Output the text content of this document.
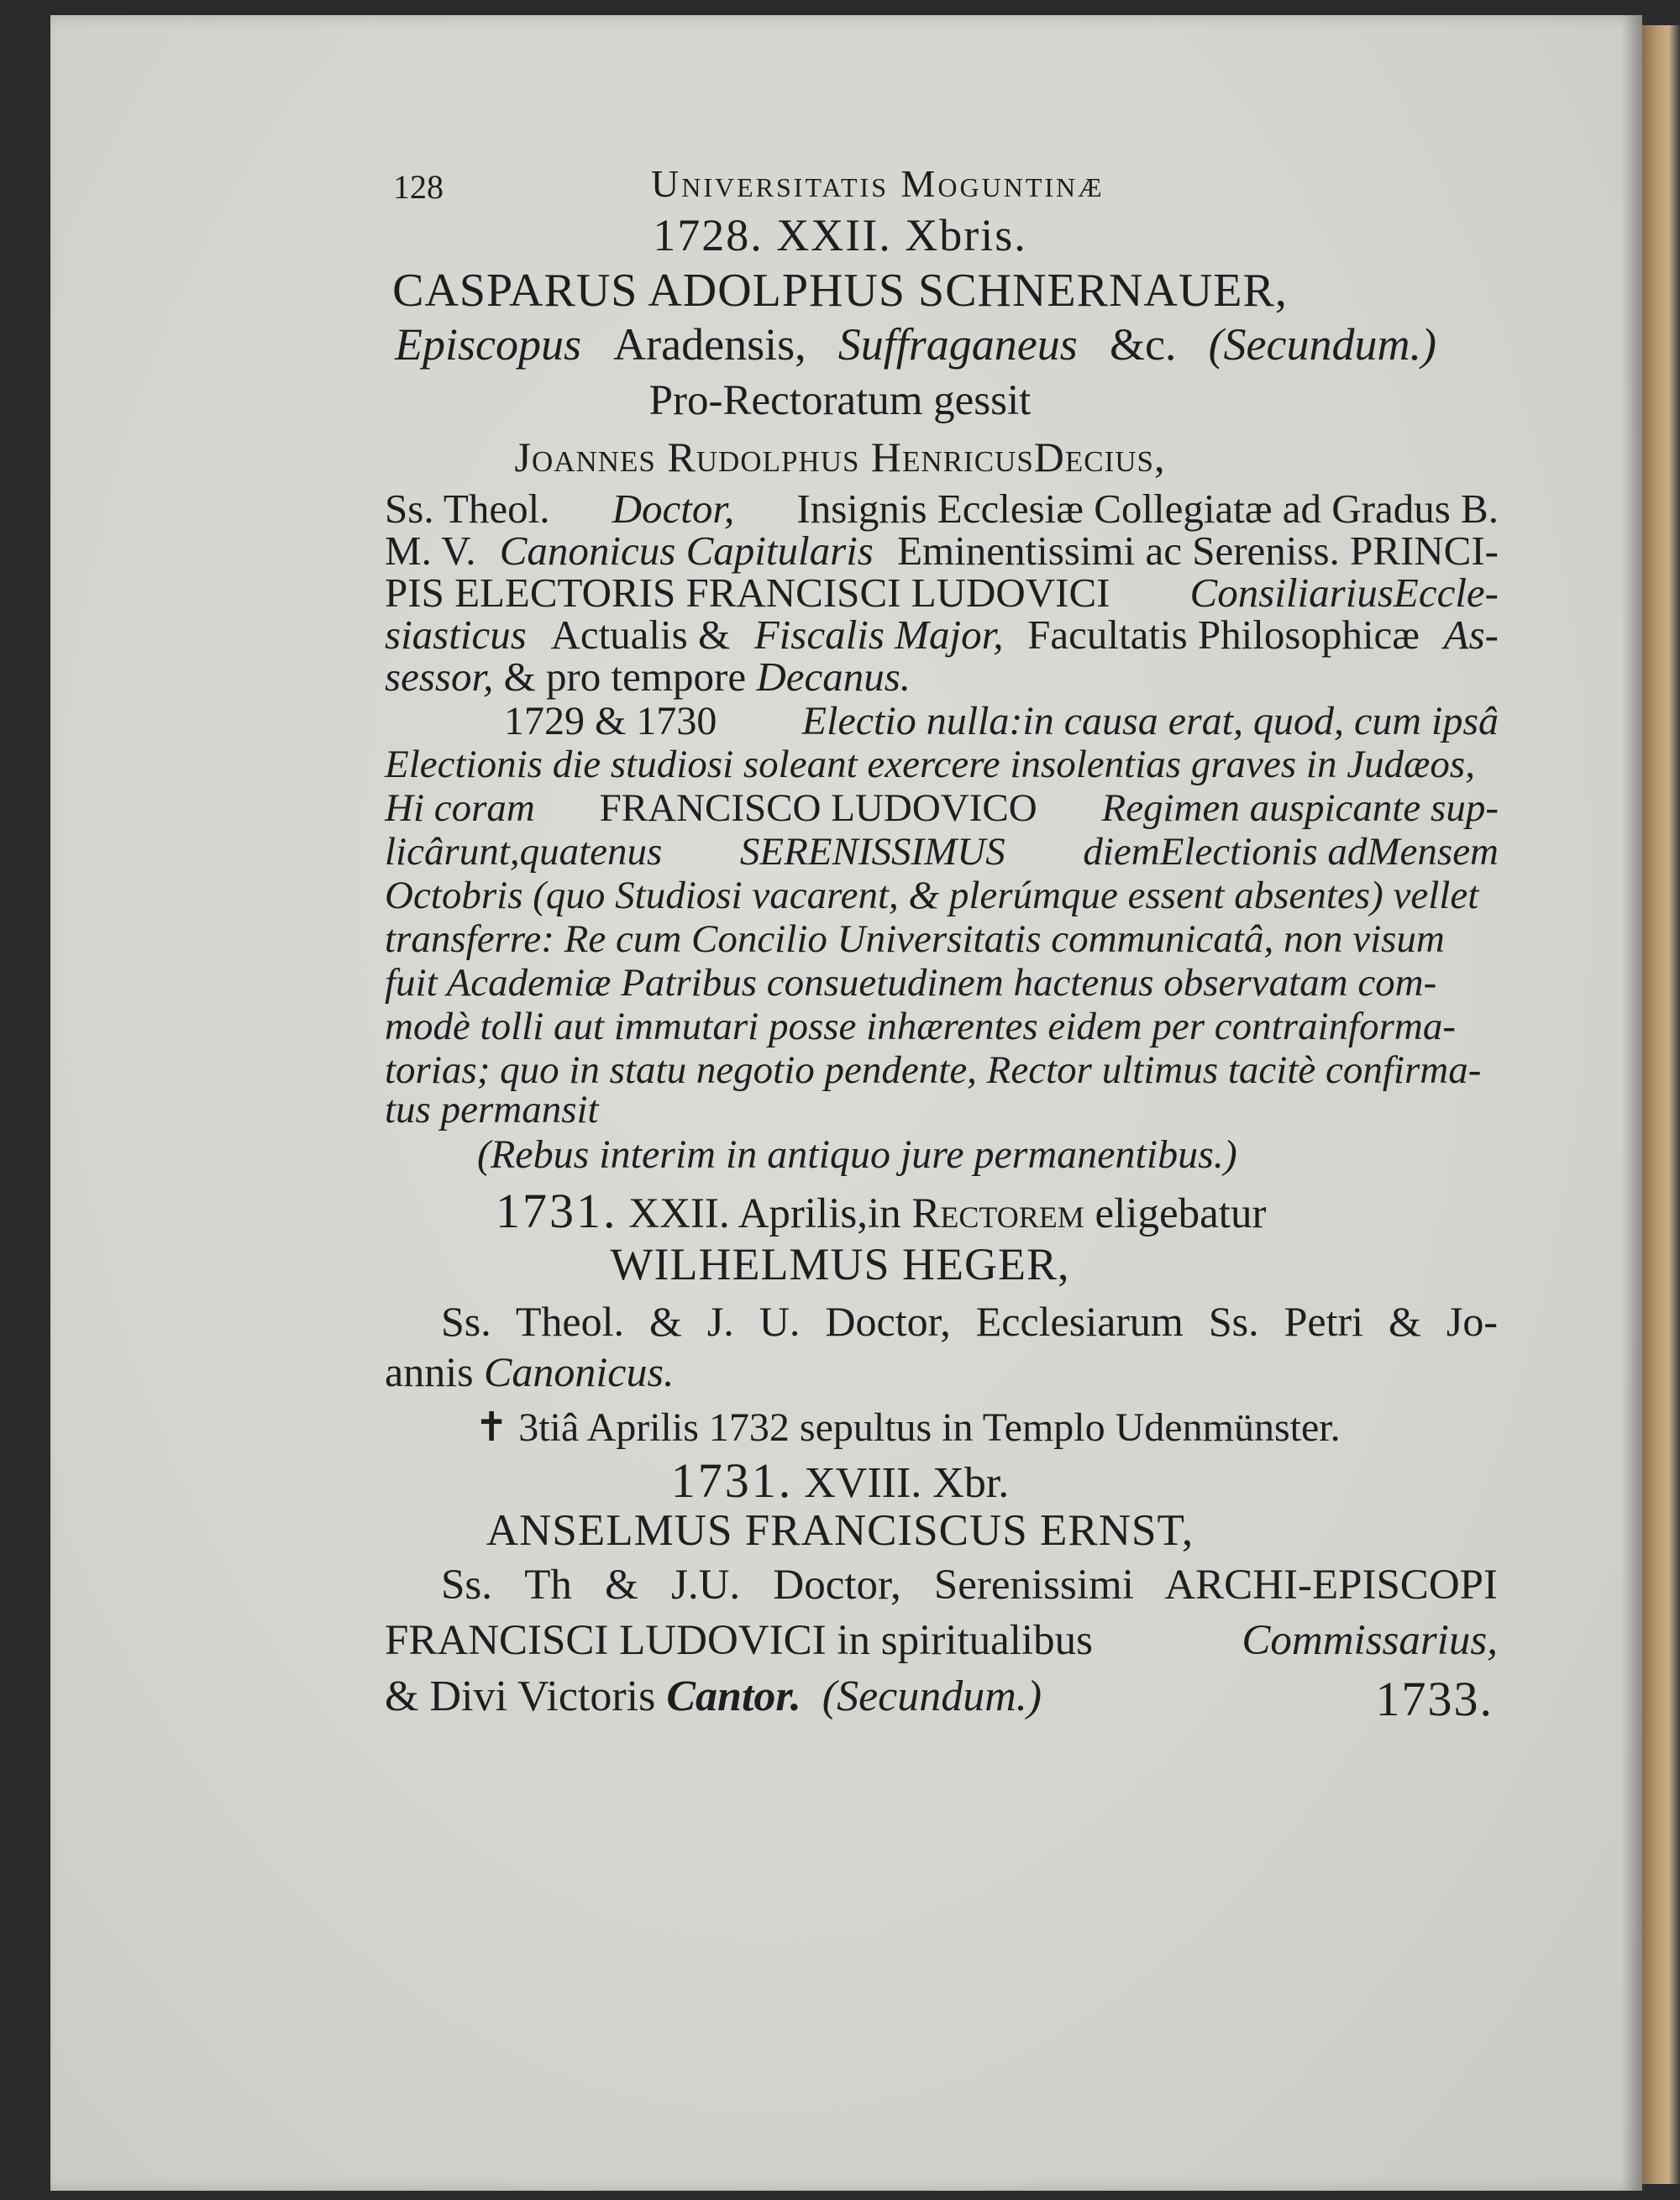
128	Universitatis Moguntinæ
1728. XXII. Xbris.
CASPARUS ADOLPHUS SCHNERNAUER,
Episcopus Aradensis, Suffraganeus &c. (Secundum.)
Pro-Rectoratum gessit
Joannes Rudolphus HenricusDecius,
Ss. Theol. Doctor, Insignis Ecclesiæ Collegiatæ ad Gradus B.
M. V. Canonicus Capitularis Eminentissimi ac Sereniss. PRINCI-
PIS ELECTORIS FRANCISCI LUDOVICI ConsiliariusEccle-
siasticus Actualis & Fiscalis Major, Facultatis Philosophicæ As-
sessor, & pro tempore Decanus.
1729 & 1730 Electio nulla:in causa erat, quod, cum ipsâ
Electionis die studiosi soleant exercere insolentias graves in Judæos,
Hi coram FRANCISCO LUDOVICO Regimen auspicante sup-
licârunt,quatenus SERENISSIMUS diemElectionis adMensem
Octobris (quo Studiosi vacarent, & plerúmque essent absentes) vellet
transferre: Re cum Concilio Universitatis communicatâ, non visum
fuit Academiæ Patribus consuetudinem hactenus observatam com-
modè tolli aut immutari posse inhærentes eidem per contrainforma-
torias; quo in statu negotio pendente, Rector ultimus tacitè confirma-
tus permansit
(Rebus interim in antiquo jure permanentibus.)
1731. XXII. Aprilis,in Rectorem eligebatur
WILHELMUS HEGER,
Ss. Theol. & J. U. Doctor, Ecclesiarum Ss. Petri & Jo-
annis Canonicus.
✝ 3tiâ Aprilis 1732 sepultus in Templo Udenmünster.
1731. XVIII. Xbr.
ANSELMUS FRANCISCUS ERNST,
Ss. Th & J.U. Doctor, Serenissimi ARCHI-EPISCOPI
FRANCISCI LUDOVICI in spiritualibus	Commissarius,
& Divi Victoris Cantor. (Secundum.)	1733.
